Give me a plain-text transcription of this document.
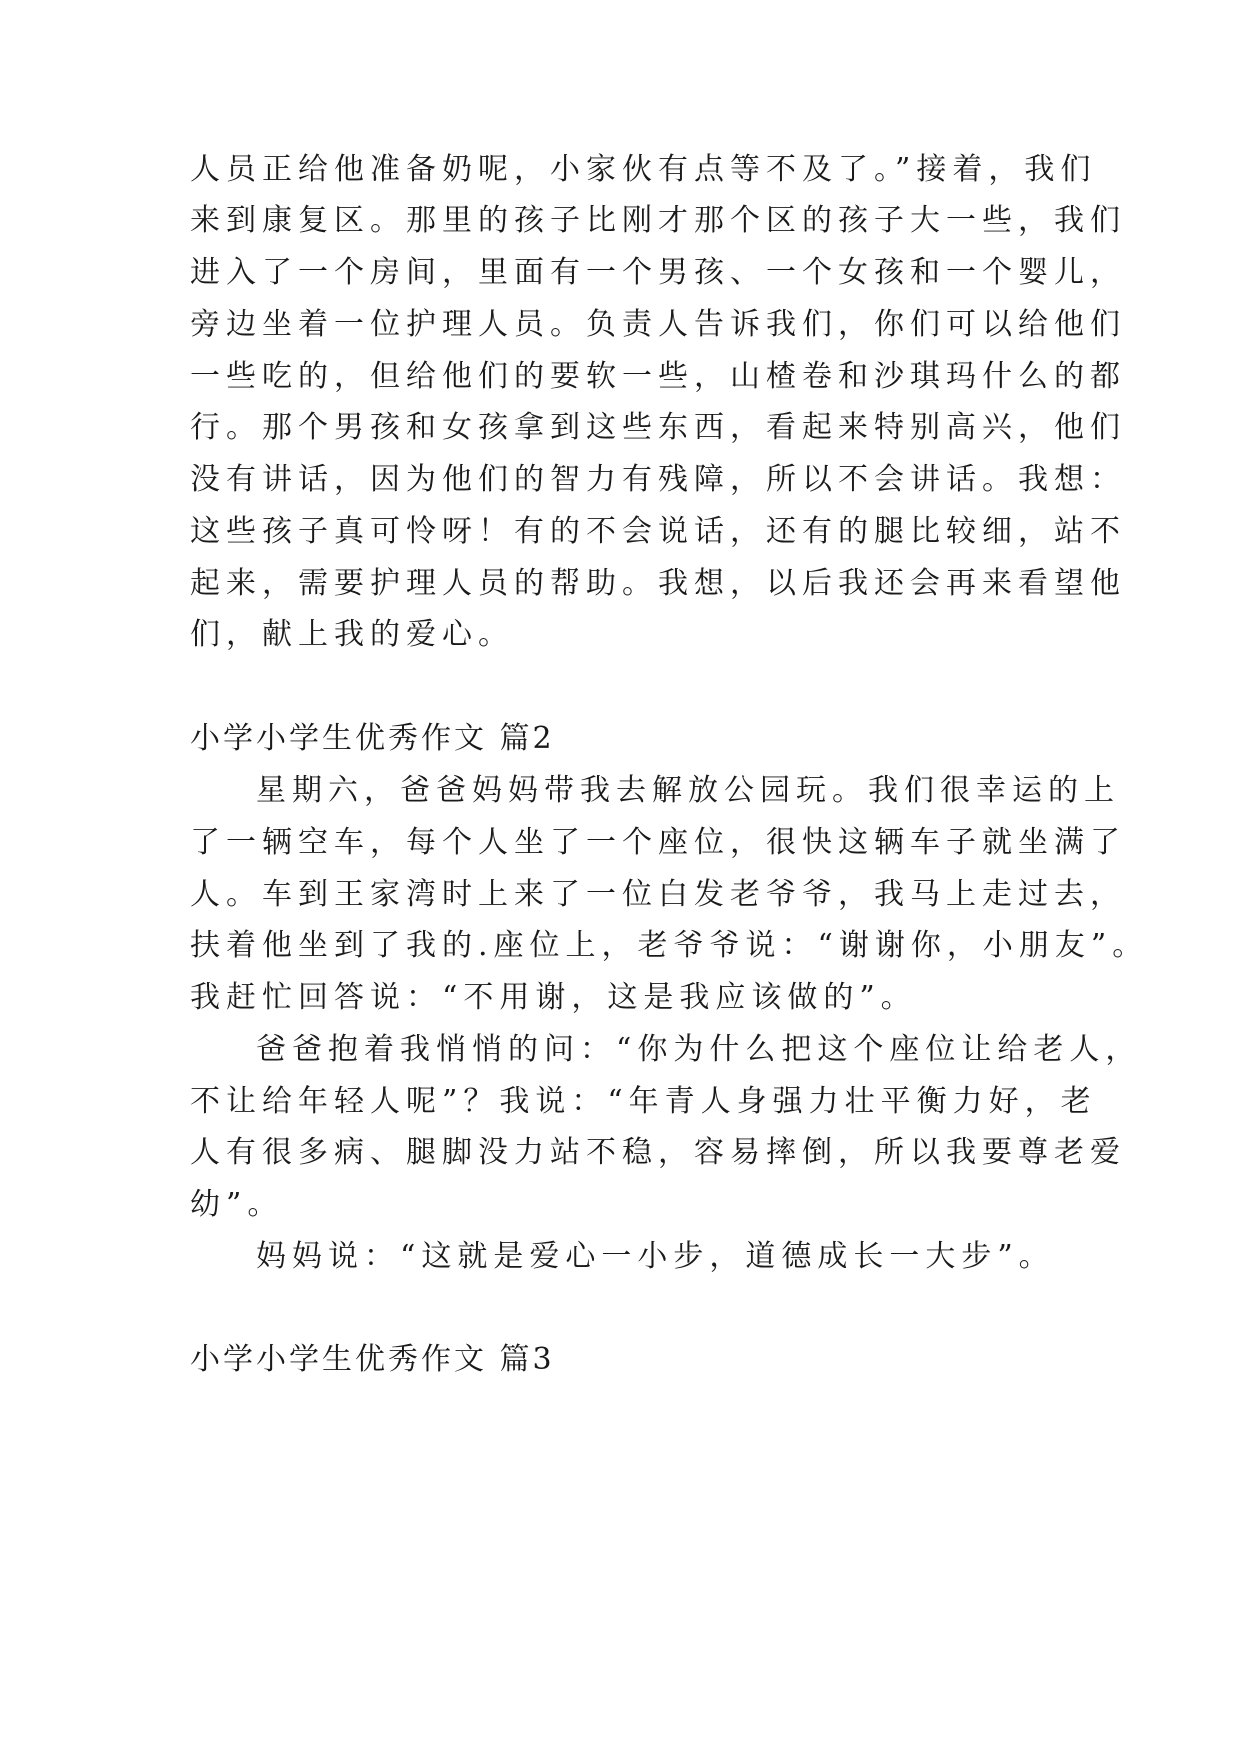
人员正给他准备奶呢，小家伙有点等不及了。”接着，我们
来到康复区。那里的孩子比刚才那个区的孩子大一些，我们
进入了一个房间，里面有一个男孩、一个女孩和一个婴儿，
旁边坐着一位护理人员。负责人告诉我们，你们可以给他们
一些吃的，但给他们的要软一些，山楂卷和沙琪玛什么的都
行。那个男孩和女孩拿到这些东西，看起来特别高兴，他们
没有讲话，因为他们的智力有残障，所以不会讲话。我想：
这些孩子真可怜呀！有的不会说话，还有的腿比较细，站不
起来，需要护理人员的帮助。我想，以后我还会再来看望他
们，献上我的爱心。
小学小学生优秀作文 篇2
星期六，爸爸妈妈带我去解放公园玩。我们很幸运的上
了一辆空车，每个人坐了一个座位，很快这辆车子就坐满了
人。车到王家湾时上来了一位白发老爷爷，我马上走过去，
扶着他坐到了我的.座位上，老爷爷说：“谢谢你，小朋友”。
我赶忙回答说：“不用谢，这是我应该做的”。
爸爸抱着我悄悄的问：“你为什么把这个座位让给老人，
不让给年轻人呢”？我说：“年青人身强力壮平衡力好，老
人有很多病、腿脚没力站不稳，容易摔倒，所以我要尊老爱
幼”。
妈妈说：“这就是爱心一小步，道德成长一大步”。
小学小学生优秀作文 篇3
